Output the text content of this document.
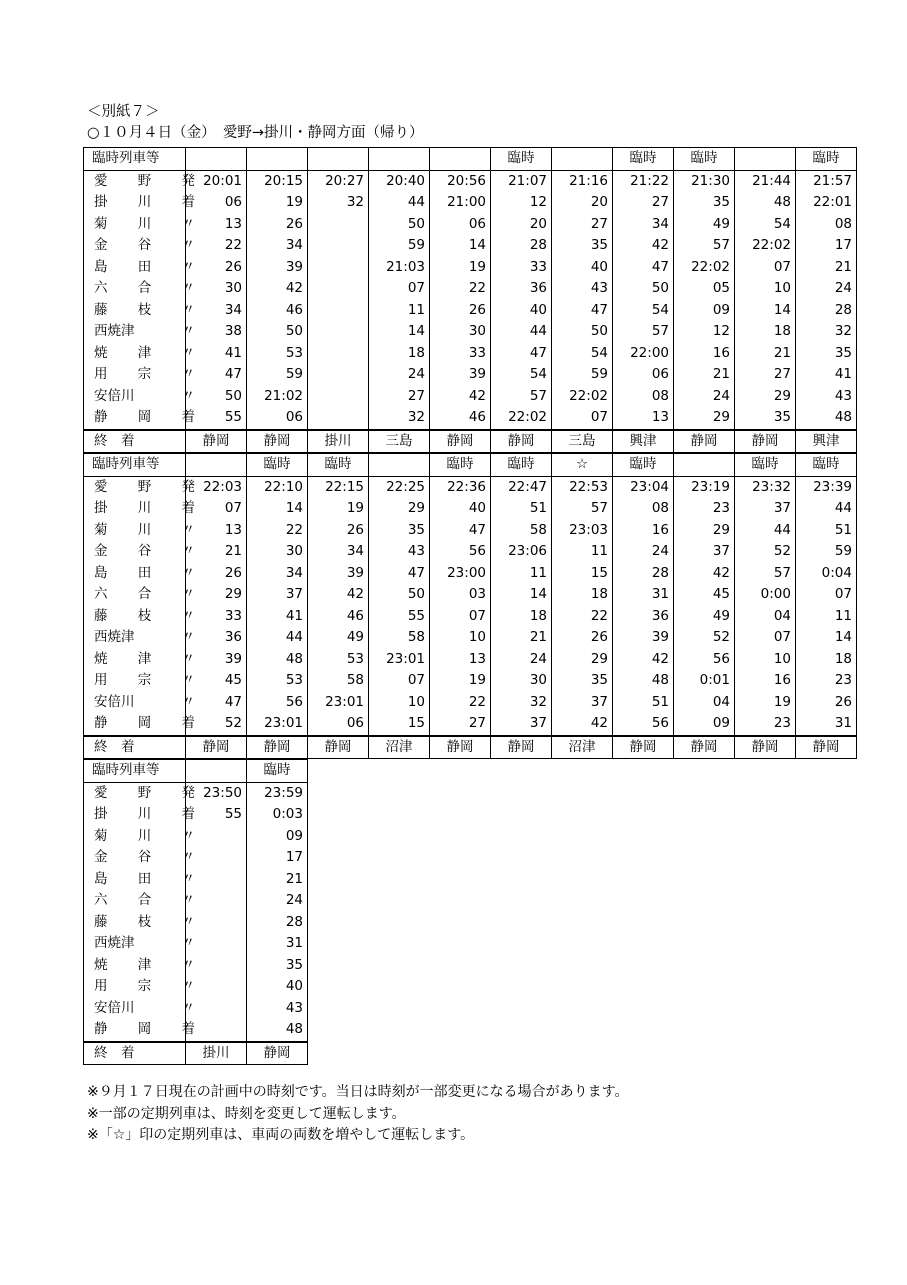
＜別紙７＞
○１０月４日（金）　愛野→掛川・静岡方面（帰り）
臨時列車等						臨時		臨時	臨時		臨時

愛 野 発	20:01	20:15	20:27	20:40	20:56	21:07	21:16	21:22	21:30	21:44	21:57

掛 川 着	06	19	32	44	21:00	12	20	27	35	48	22:01

菊 川 〃	13	26		50	06	20	27	34	49	54	08

金 谷 〃	22	34		59	14	28	35	42	57	22:02	17

島 田 〃	26	39		21:03	19	33	40	47	22:02	07	21

六 合 〃	30	42		07	22	36	43	50	05	10	24

藤 枝 〃	34	46		11	26	40	47	54	09	14	28

西焼津 〃	38	50		14	30	44	50	57	12	18	32

焼 津 〃	41	53		18	33	47	54	22:00	16	21	35

用 宗 〃	47	59		24	39	54	59	06	21	27	41

安倍川 〃	50	21:02		27	42	57	22:02	08	24	29	43

静 岡 着	55	06		32	46	22:02	07	13	29	35	48

終　着	静岡	静岡	掛川	三島	静岡	静岡	三島	興津	静岡	静岡	興津
臨時列車等		臨時	臨時		臨時	臨時	☆	臨時		臨時	臨時

愛 野 発	22:03	22:10	22:15	22:25	22:36	22:47	22:53	23:04	23:19	23:32	23:39

掛 川 着	07	14	19	29	40	51	57	08	23	37	44

菊 川 〃	13	22	26	35	47	58	23:03	16	29	44	51

金 谷 〃	21	30	34	43	56	23:06	11	24	37	52	59

島 田 〃	26	34	39	47	23:00	11	15	28	42	57	0:04

六 合 〃	29	37	42	50	03	14	18	31	45	0:00	07

藤 枝 〃	33	41	46	55	07	18	22	36	49	04	11

西焼津 〃	36	44	49	58	10	21	26	39	52	07	14

焼 津 〃	39	48	53	23:01	13	24	29	42	56	10	18

用 宗 〃	45	53	58	07	19	30	35	48	0:01	16	23

安倍川 〃	47	56	23:01	10	22	32	37	51	04	19	26

静 岡 着	52	23:01	06	15	27	37	42	56	09	23	31

終　着	静岡	静岡	静岡	沼津	静岡	静岡	沼津	静岡	静岡	静岡	静岡
臨時列車等		臨時

愛 野 発	23:50	23:59

掛 川 着	55	0:03

菊 川 〃		09

金 谷 〃		17

島 田 〃		21

六 合 〃		24

藤 枝 〃		28

西焼津 〃		31

焼 津 〃		35

用 宗 〃		40

安倍川 〃		43

静 岡 着		48

終　着	掛川	静岡
※９月１７日現在の計画中の時刻です。当日は時刻が一部変更になる場合があります。
※一部の定期列車は、時刻を変更して運転します。
※「☆」印の定期列車は、車両の両数を増やして運転します。
